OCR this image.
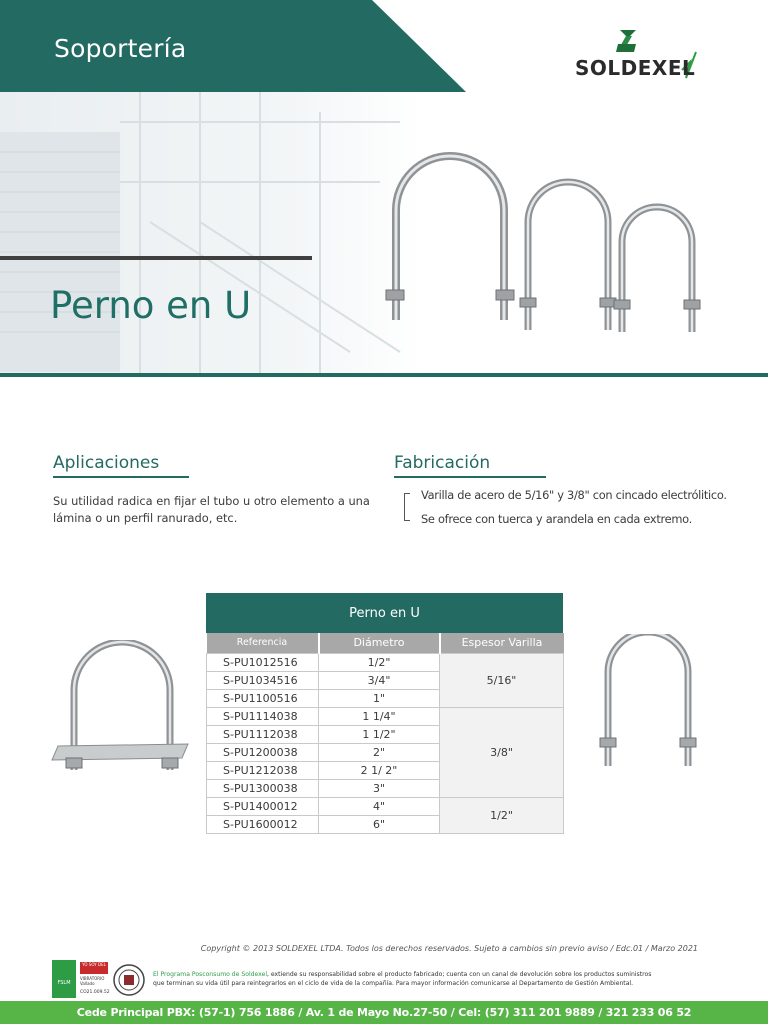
Soportería
SOLDEXEL
Perno en U
Aplicaciones
Su utilidad radica en fijar el tubo u otro elemento a una lámina o un perfil ranurado, etc.
Fabricación
Varilla de acero de 5/16" y 3/8" con cincado electrólitico.
Se ofrece con tuerca y arandela en cada extremo.
Perno en U
Referencia	Diámetro	Espesor Varilla
S-PU1012516	1/2"	5/16"
S-PU1034516	3/4"	
S-PU1100516	1"	
S-PU1114038	1 1/4"	3/8"
S-PU1112038	1 1/2"	
S-PU1200038	2"	
S-PU1212038	2 1/ 2"	
S-PU1300038	3"	
S-PU1400012	4"	1/2"
S-PU1600012	6"	
Copyright © 2013 SOLDEXEL LTDA. Todos los derechos reservados. Sujeto a cambios sin previo aviso / Edc.01 / Marzo 2021
FSLM
YO SOY DEL
VIBRATORIO Vallado
CO21.009.52
El Programa Posconsumo de Soldexel, extiende su responsabilidad sobre el producto fabricado; cuenta con un canal de devolución sobre los productos suministros
que terminan su vida útil para reintegrarlos en el ciclo de vida de la compañía. Para mayor información comunicarse al Departamento de Gestión Ambiental.
Cede Principal PBX: (57-1) 756 1886 / Av. 1 de Mayo No.27-50 / Cel: (57) 311 201 9889 / 321 233 06 52
